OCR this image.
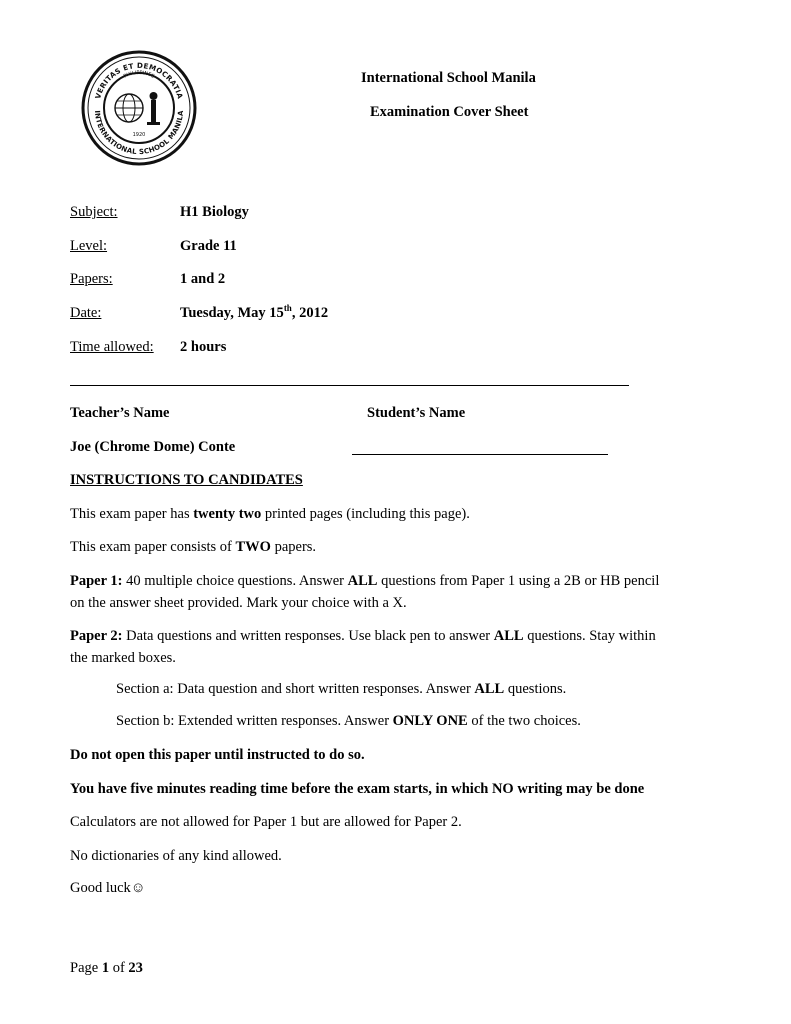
VERITAS ET DEMOCRATIA
PHILIPPINES
INTERNATIONAL SCHOOL MANILA
1920
International School Manila
Examination Cover Sheet
Subject:	H1 Biology
Level:	Grade 11
Papers:	1 and 2
Date:	Tuesday, May 15th, 2012
Time allowed: 2 hours
Teacher’s Name	Student’s Name
Joe (Chrome Dome) Conte
INSTRUCTIONS TO CANDIDATES
This exam paper has twenty two printed pages (including this page).
This exam paper consists of TWO papers.
Paper 1: 40 multiple choice questions. Answer ALL questions from Paper 1 using a 2B or HB pencil
on the answer sheet provided. Mark your choice with a X.
Paper 2: Data questions and written responses. Use black pen to answer ALL questions. Stay within
the marked boxes.
Section a: Data question and short written responses. Answer ALL questions.
Section b: Extended written responses. Answer ONLY ONE of the two choices.
Do not open this paper until instructed to do so.
You have five minutes reading time before the exam starts, in which NO writing may be done
Calculators are not allowed for Paper 1 but are allowed for Paper 2.
No dictionaries of any kind allowed.
Good luck☺
Page 1 of 23
